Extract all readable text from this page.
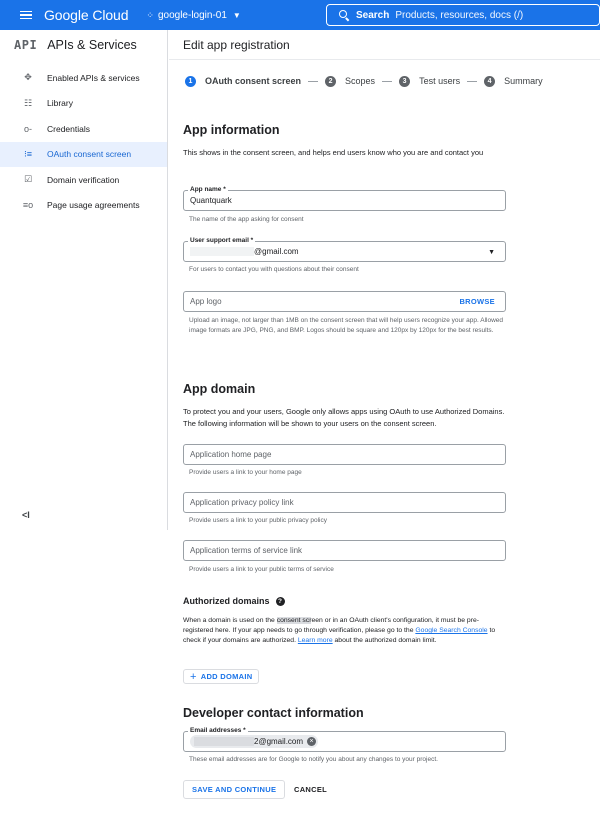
Google Cloud ⁘ google-login-01 ▼	Search Products, resources, docs (/)
API APIs & Services
✥ Enabled APIs & services
☷ Library
o- Credentials
⁝≡ OAuth consent screen
☑ Domain verification
≡o Page usage agreements
<I
Edit app registration
1	OAuth consent screen	2	Scopes	3	Test users	4	Summary
App information
This shows in the consent screen, and helps end users know who you are and contact you
App name *
Quantquark
The name of the app asking for consent
User support email *
@gmail.com	▼
For users to contact you with questions about their consent
App logo	BROWSE
Upload an image, not larger than 1MB on the consent screen that will help users recognize your app. Allowed image formats are JPG, PNG, and BMP. Logos should be square and 120px by 120px for the best results.
App domain
To protect you and your users, Google only allows apps using OAuth to use Authorized Domains. The following information will be shown to your users on the consent screen.
Application home page
Provide users a link to your home page
Application privacy policy link
Provide users a link to your public privacy policy
Application terms of service link
Provide users a link to your public terms of service
Authorized domains ?
When a domain is used on the consent screen or in an OAuth client's configuration, it must be pre-registered here. If your app needs to go through verification, please go to the Google Search Console to check if your domains are authorized. Learn more about the authorized domain limit.
+ ADD DOMAIN
Developer contact information
Email addresses *
2@gmail.com ×
These email addresses are for Google to notify you about any changes to your project.
SAVE AND CONTINUE	CANCEL
